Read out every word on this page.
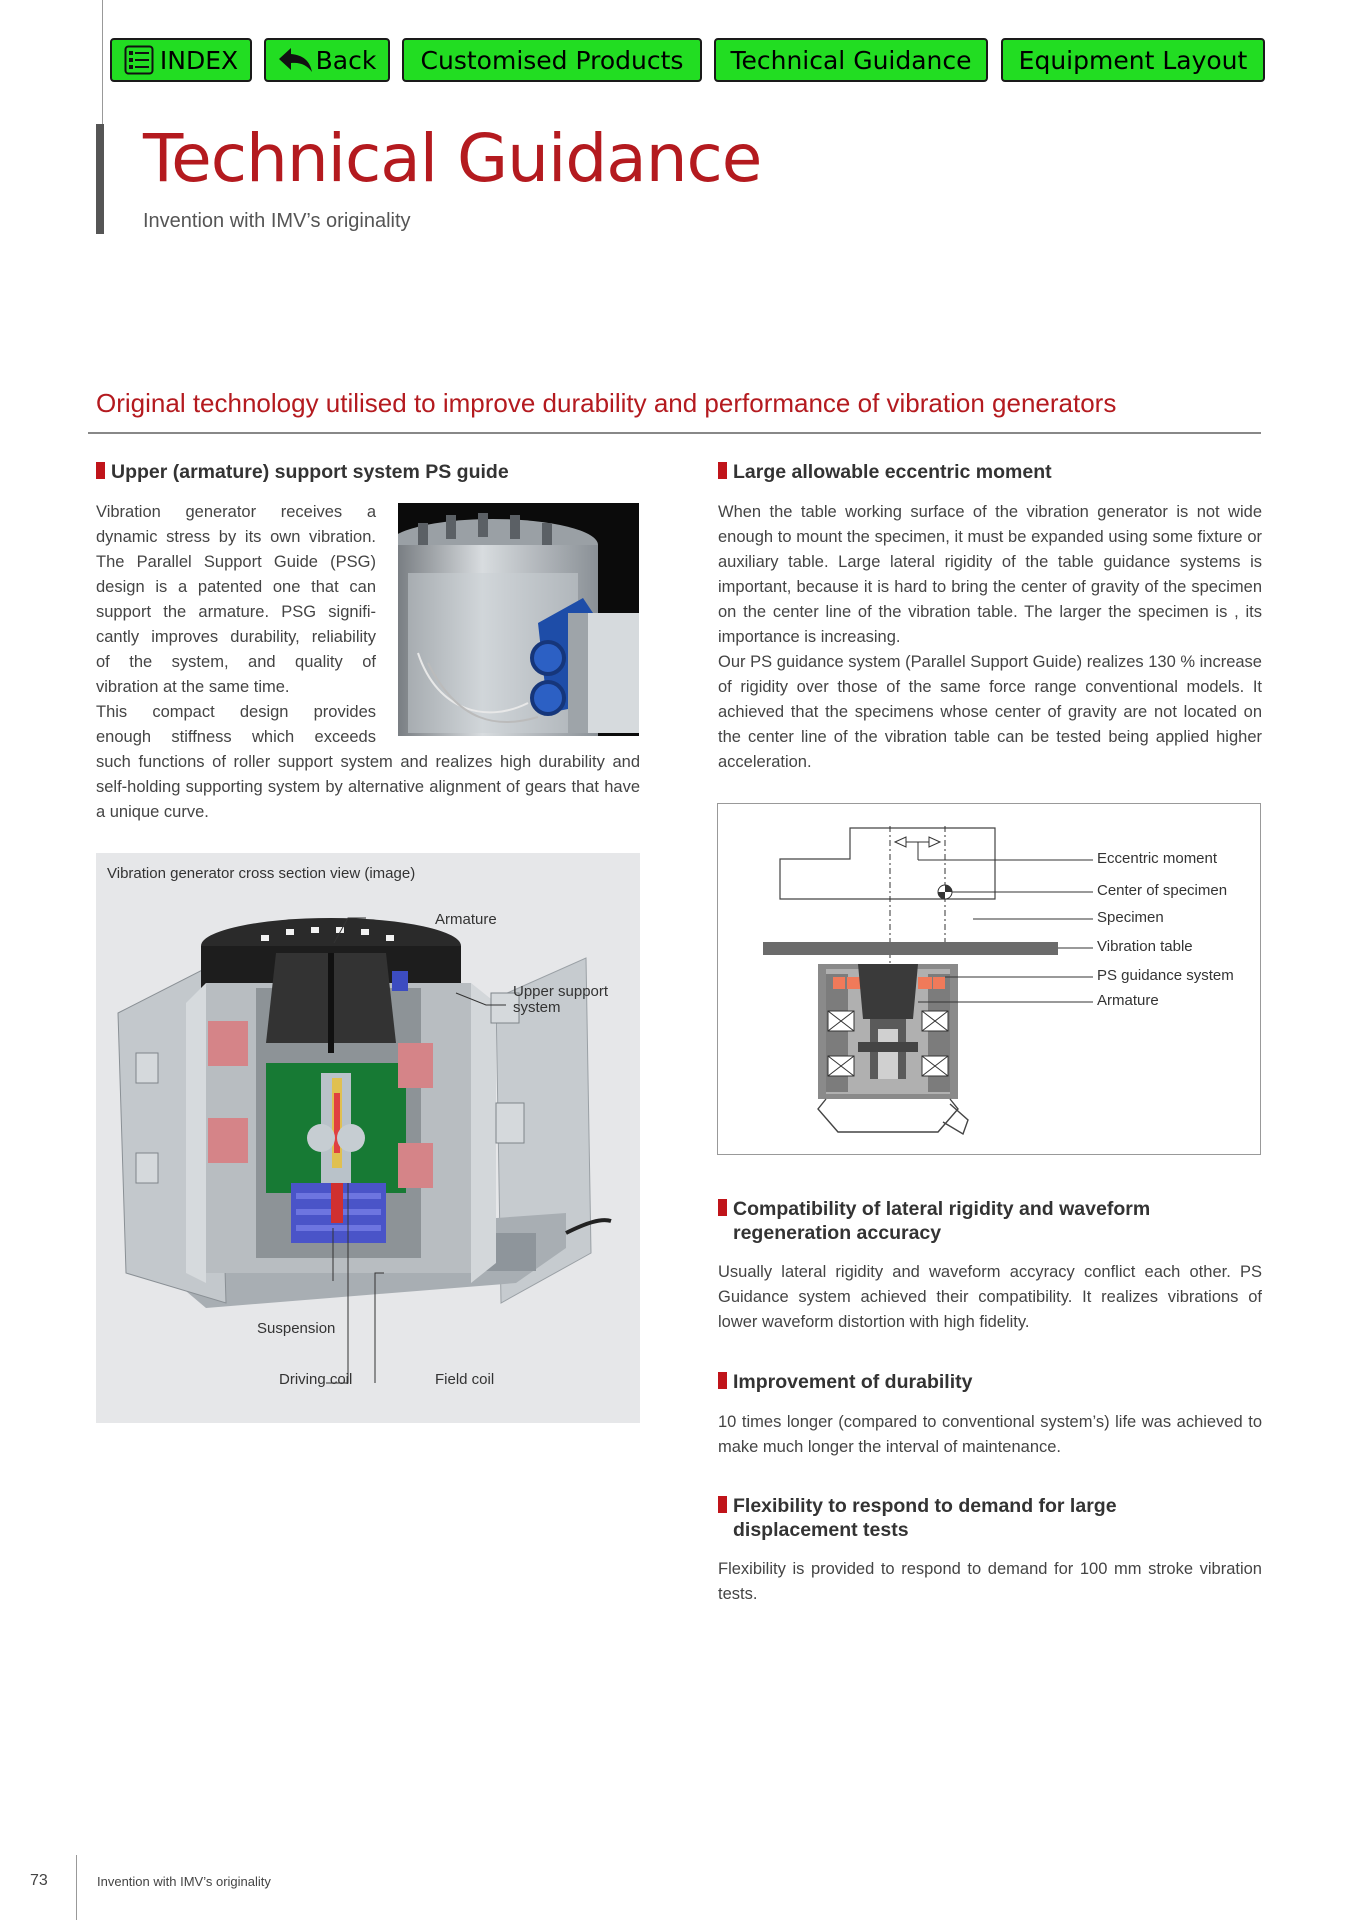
INDEX	Back Customised Products Technical Guidance Equipment Layout
Technical Guidance
Invention with IMV’s originality
Original technology utilised to improve durability and performance of vibration generators
Upper (armature) support system PS guide
Vibration generator receives a
dynamic stress by its own vibration.
The Parallel Support Guide (PSG)
design is a patented one that can
support the armature. PSG signifi-
cantly improves durability, reliability
of the system, and quality of
vibration at the same time.
This compact design provides
enough stiffness which exceeds

such functions of roller support system and realizes high durability and self-holding supporting system by alternative alignment of gears that have a unique curve.

Vibration generator cross section view (image)
Armature
Upper support
system
Suspension
Driving coil	Field coil
Large allowable eccentric moment

When the table working surface of the vibration generator is not wide enough to mount the specimen, it must be expanded using some fixture or auxiliary table. Large lateral rigidity of the table guidance systems is important, because it is hard to bring the center of gravity of the specimen on the center line of the vibration table. The larger the specimen is , its importance is increasing.

Our PS guidance system (Parallel Support Guide) realizes 130 % increase of rigidity over those of the same force range conventional models. It achieved that the specimens whose center of gravity are not located on the center line of the vibration table can be tested being applied higher acceleration.

Eccentric moment
Center of specimen
Specimen
Vibration table
PS guidance system
Armature
Compatibility of lateral rigidity and waveform
regeneration accuracy

Usually lateral rigidity and waveform accyracy conflict each other. PS Guidance system achieved their compatibility. It realizes vibrations of lower waveform distortion with high fidelity.

Improvement of durability

10 times longer (compared to conventional system’s) life was achieved to make much longer the interval of maintenance.

Flexibility to respond to demand for large
displacement tests

Flexibility is provided to respond to demand for 100 mm stroke vibration tests.

73	Invention with IMV’s originality
